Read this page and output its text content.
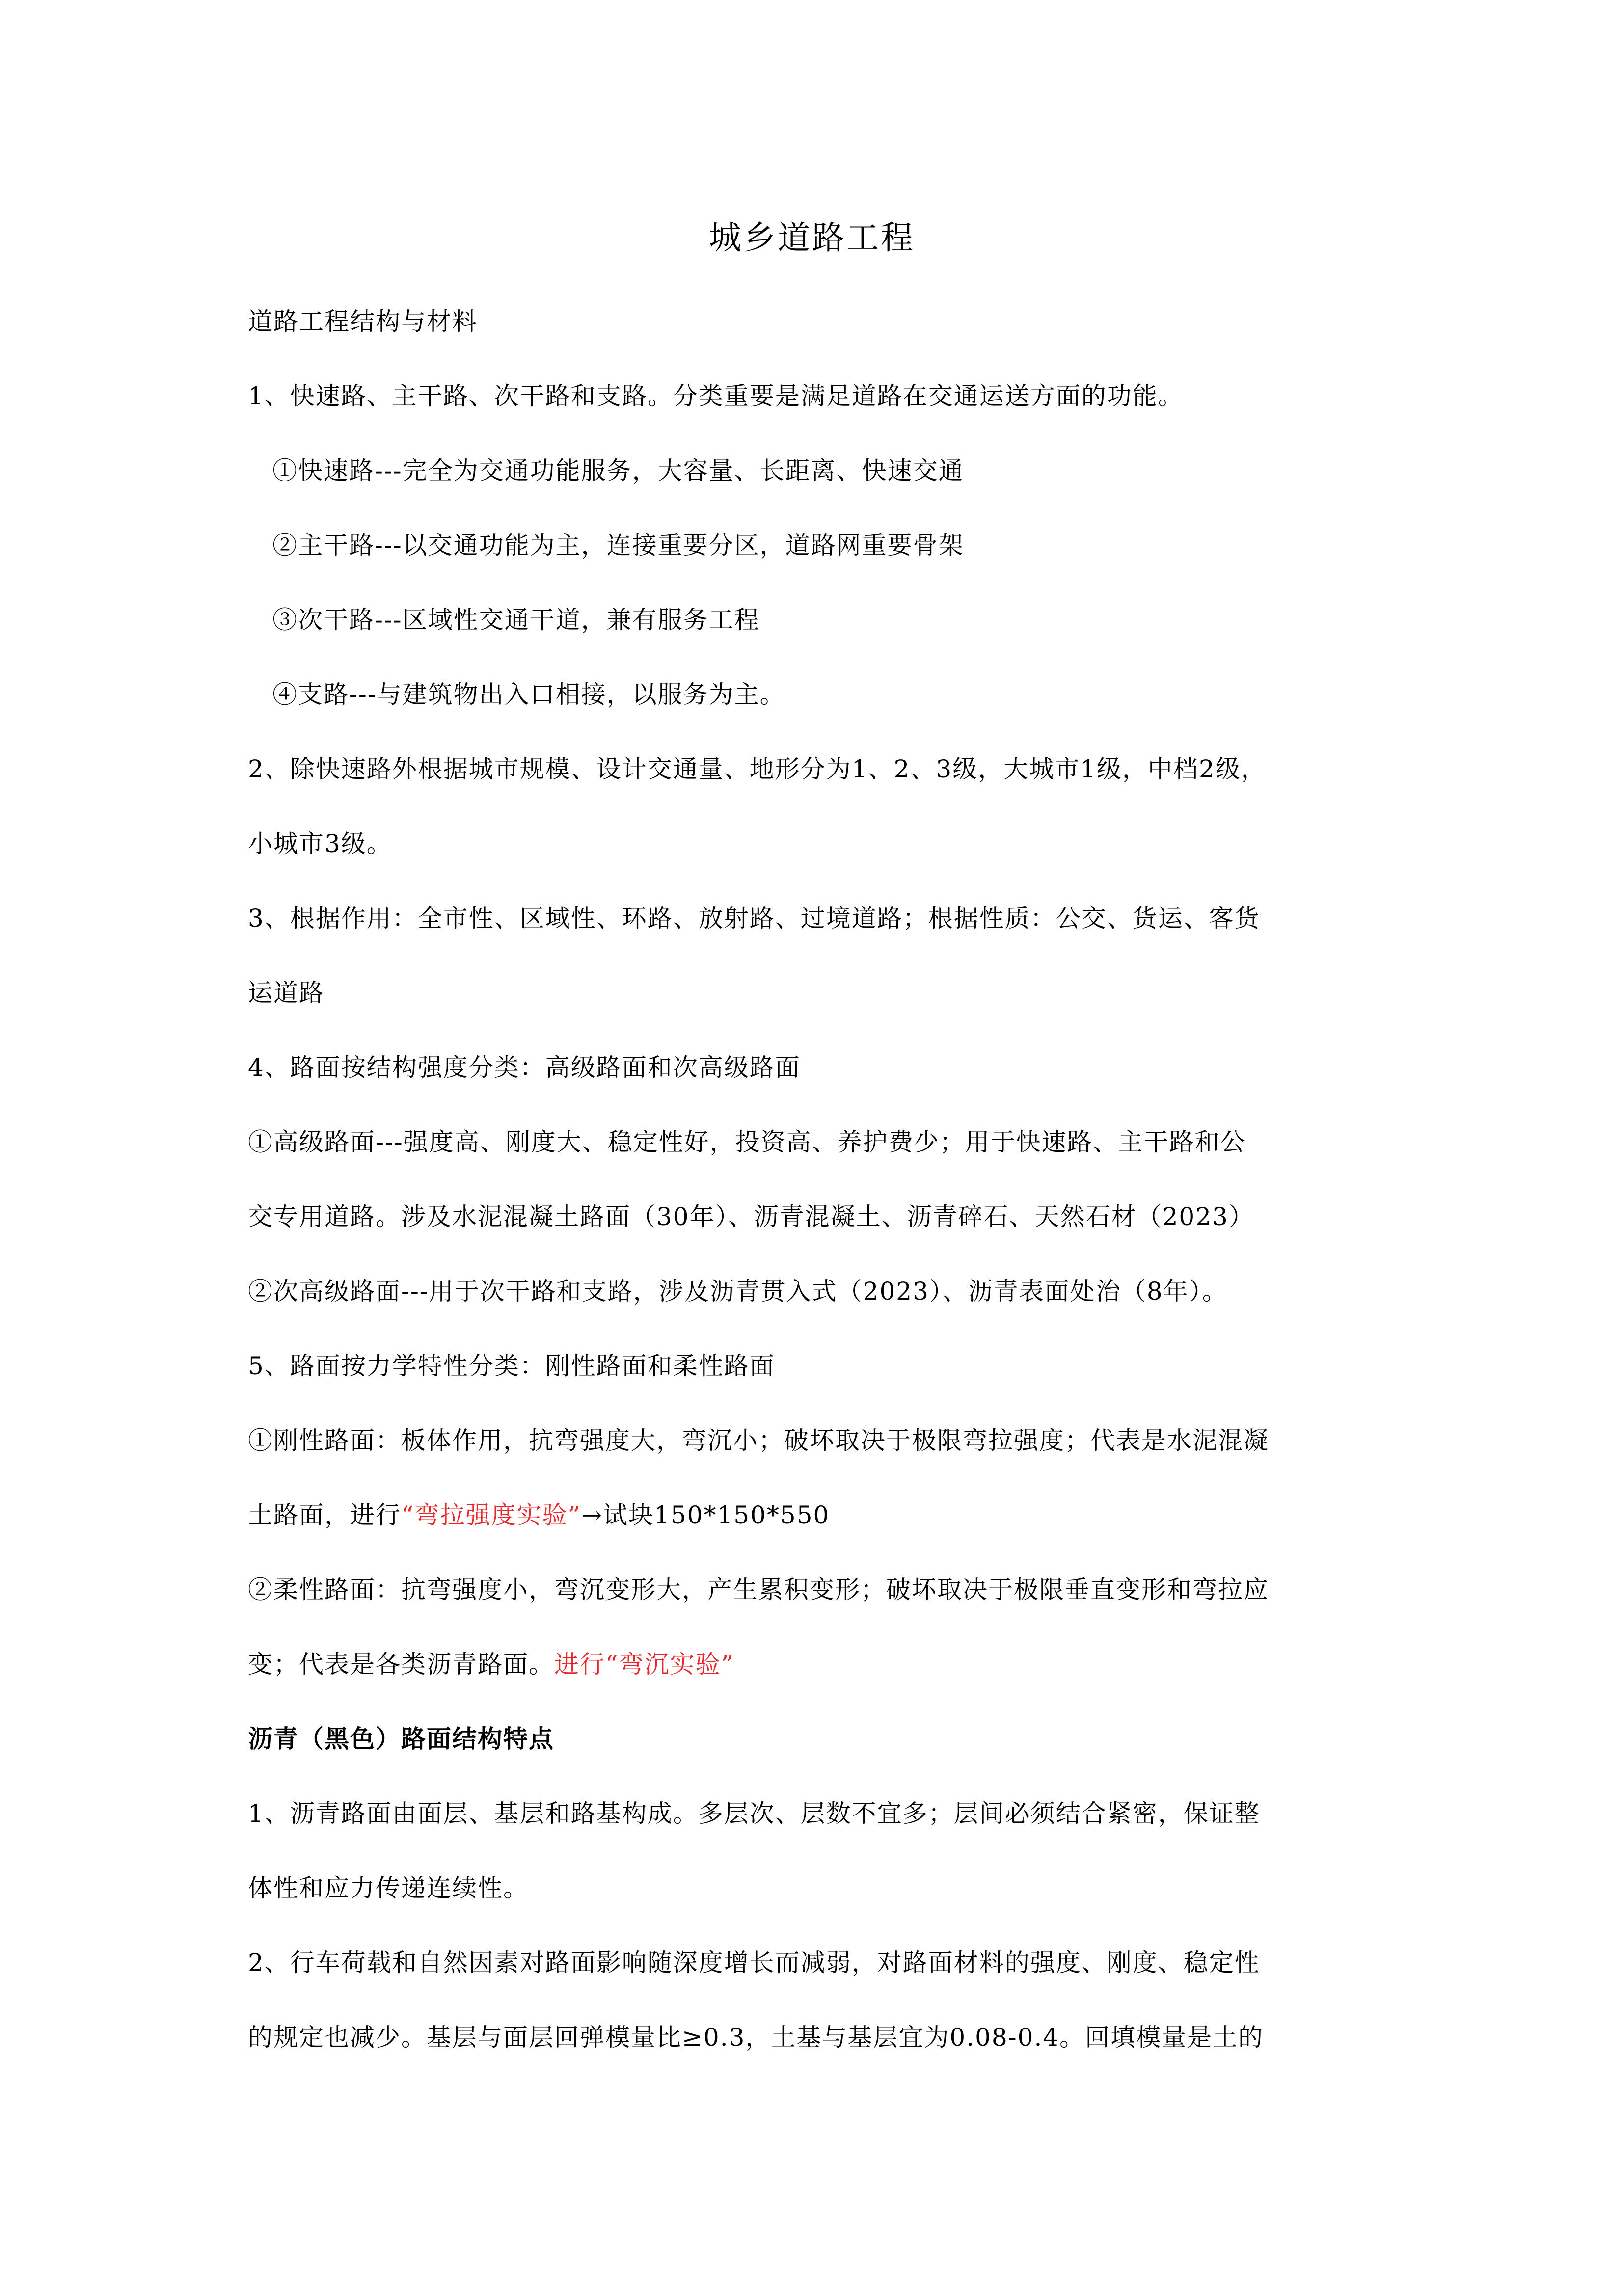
城乡道路工程
道路工程结构与材料
1、快速路、主干路、次干路和支路。分类重要是满足道路在交通运送方面的功能。
①快速路---完全为交通功能服务，大容量、长距离、快速交通
②主干路---以交通功能为主，连接重要分区，道路网重要骨架
③次干路---区域性交通干道，兼有服务工程
④支路---与建筑物出入口相接，以服务为主。
2、除快速路外根据城市规模、设计交通量、地形分为1、2、3级，大城市1级，中档2级，
小城市3级。
3、根据作用：全市性、区域性、环路、放射路、过境道路；根据性质：公交、货运、客货
运道路
4、路面按结构强度分类：高级路面和次高级路面
①高级路面---强度高、刚度大、稳定性好，投资高、养护费少；用于快速路、主干路和公
交专用道路。涉及水泥混凝土路面（30年）、沥青混凝土、沥青碎石、天然石材（2023）
②次高级路面---用于次干路和支路，涉及沥青贯入式（2023）、沥青表面处治（8年）。
5、路面按力学特性分类：刚性路面和柔性路面
①刚性路面：板体作用，抗弯强度大，弯沉小；破坏取决于极限弯拉强度；代表是水泥混凝
土路面，进行“弯拉强度实验”→试块150*150*550
②柔性路面：抗弯强度小，弯沉变形大，产生累积变形；破坏取决于极限垂直变形和弯拉应
变；代表是各类沥青路面。进行“弯沉实验”
沥青（黑色）路面结构特点
1、沥青路面由面层、基层和路基构成。多层次、层数不宜多；层间必须结合紧密，保证整
体性和应力传递连续性。
2、行车荷载和自然因素对路面影响随深度增长而减弱，对路面材料的强度、刚度、稳定性
的规定也减少。基层与面层回弹模量比≥0.3，土基与基层宜为0.08-0.4。回填模量是土的
